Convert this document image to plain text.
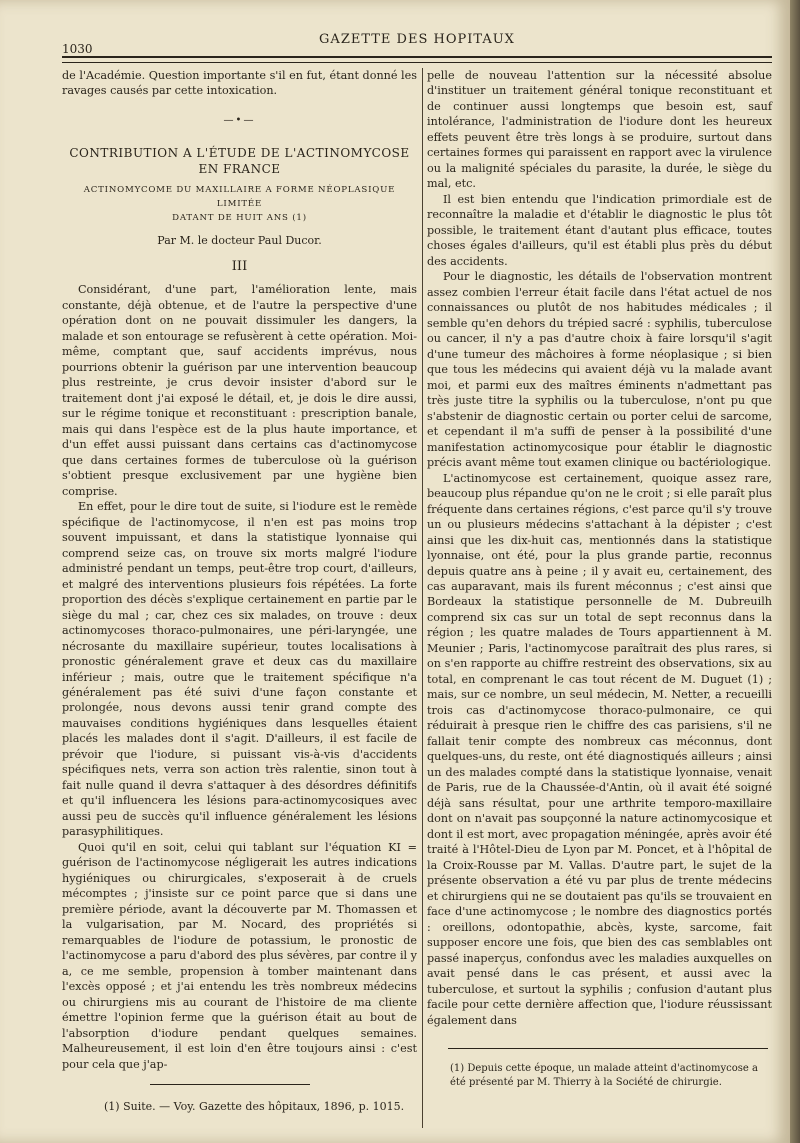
1030
GAZETTE DES HOPITAUX

de l'Académie. Question importante s'il en fut, étant donné les ravages causés par cette intoxication.

—•—
CONTRIBUTION A L'ÉTUDE DE L'ACTINOMYCOSE EN FRANCE
ACTINOMYCOME DU MAXILLAIRE A FORME NÉOPLASIQUE LIMITÉE
DATANT DE HUIT ANS (1)
Par M. le docteur Paul Ducor.
III

Considérant, d'une part, l'amélioration lente, mais constante, déjà obtenue, et de l'autre la perspective d'une opération dont on ne pouvait dissimuler les dangers, la malade et son entourage se refusèrent à cette opération. Moi-même, comptant que, sauf accidents imprévus, nous pourrions obtenir la guérison par une intervention beaucoup plus restreinte, je crus devoir insister d'abord sur le traitement dont j'ai exposé le détail, et, je dois le dire aussi, sur le régime tonique et reconstituant : prescription banale, mais qui dans l'espèce est de la plus haute importance, et d'un effet aussi puissant dans certains cas d'actinomycose que dans certaines formes de tuberculose où la guérison s'obtient presque exclusivement par une hygiène bien comprise.

En effet, pour le dire tout de suite, si l'iodure est le remède spécifique de l'actinomycose, il n'en est pas moins trop souvent impuissant, et dans la statistique lyonnaise qui comprend seize cas, on trouve six morts malgré l'iodure administré pendant un temps, peut-être trop court, d'ailleurs, et malgré des interventions plusieurs fois répétées. La forte proportion des décès s'explique certainement en partie par le siège du mal ; car, chez ces six malades, on trouve : deux actinomycoses thoraco-pulmonaires, une péri-laryngée, une nécrosante du maxillaire supérieur, toutes localisations à pronostic généralement grave et deux cas du maxillaire inférieur ; mais, outre que le traitement spécifique n'a généralement pas été suivi d'une façon constante et prolongée, nous devons aussi tenir grand compte des mauvaises conditions hygiéniques dans lesquelles étaient placés les malades dont il s'agit. D'ailleurs, il est facile de prévoir que l'iodure, si puissant vis-à-vis d'accidents spécifiques nets, verra son action très ralentie, sinon tout à fait nulle quand il devra s'attaquer à des désordres définitifs et qu'il influencera les lésions para-actinomycosiques avec aussi peu de succès qu'il influence généralement les lésions parasyphilitiques.

Quoi qu'il en soit, celui qui tablant sur l'équation KI = guérison de l'actinomycose négligerait les autres indications hygiéniques ou chirurgicales, s'exposerait à de cruels mécomptes ; j'insiste sur ce point parce que si dans une première période, avant la découverte par M. Thomassen et la vulgarisation, par M. Nocard, des propriétés si remarquables de l'iodure de potassium, le pronostic de l'actinomycose a paru d'abord des plus sévères, par contre il y a, ce me semble, propension à tomber maintenant dans l'excès opposé ; et j'ai entendu les très nombreux médecins ou chirurgiens mis au courant de l'histoire de ma cliente émettre l'opinion ferme que la guérison était au bout de l'absorption d'iodure pendant quelques semaines. Malheureusement, il est loin d'en être toujours ainsi : c'est pour cela que j'ap-

pelle de nouveau l'attention sur la nécessité absolue d'instituer un traitement général tonique reconstituant et de continuer aussi longtemps que besoin est, sauf intolérance, l'administration de l'iodure dont les heureux effets peuvent être très longs à se produire, surtout dans certaines formes qui paraissent en rapport avec la virulence ou la malignité spéciales du parasite, la durée, le siège du mal, etc.

Il est bien entendu que l'indication primordiale est de reconnaître la maladie et d'établir le diagnostic le plus tôt possible, le traitement étant d'autant plus efficace, toutes choses égales d'ailleurs, qu'il est établi plus près du début des accidents.

Pour le diagnostic, les détails de l'observation montrent assez combien l'erreur était facile dans l'état actuel de nos connaissances ou plutôt de nos habitudes médicales ; il semble qu'en dehors du trépied sacré : syphilis, tuberculose ou cancer, il n'y a pas d'autre choix à faire lorsqu'il s'agit d'une tumeur des mâchoires à forme néoplasique ; si bien que tous les médecins qui avaient déjà vu la malade avant moi, et parmi eux des maîtres éminents n'admettant pas très juste titre la syphilis ou la tuberculose, n'ont pu que s'abstenir de diagnostic certain ou porter celui de sarcome, et cependant il m'a suffi de penser à la possibilité d'une manifestation actinomycosique pour établir le diagnostic précis avant même tout examen clinique ou bactériologique.

L'actinomycose est certainement, quoique assez rare, beaucoup plus répandue qu'on ne le croit ; si elle paraît plus fréquente dans certaines régions, c'est parce qu'il s'y trouve un ou plusieurs médecins s'attachant à la dépister ; c'est ainsi que les dix-huit cas, mentionnés dans la statistique lyonnaise, ont été, pour la plus grande partie, reconnus depuis quatre ans à peine ; il y avait eu, certainement, des cas auparavant, mais ils furent méconnus ; c'est ainsi que Bordeaux la statistique personnelle de M. Dubreuilh comprend six cas sur un total de sept reconnus dans la région ; les quatre malades de Tours appartiennent à M. Meunier ; Paris, l'actinomycose paraîtrait des plus rares, si on s'en rapporte au chiffre restreint des observations, six au total, en comprenant le cas tout récent de M. Duguet (1) ; mais, sur ce nombre, un seul médecin, M. Netter, a recueilli trois cas d'actinomycose thoraco-pulmonaire, ce qui réduirait à presque rien le chiffre des cas parisiens, s'il ne fallait tenir compte des nombreux cas méconnus, dont quelques-uns, du reste, ont été diagnostiqués ailleurs ; ainsi un des malades compté dans la statistique lyonnaise, venait de Paris, rue de la Chaussée-d'Antin, où il avait été soigné déjà sans résultat, pour une arthrite temporo-maxillaire dont on n'avait pas soupçonné la nature actinomycosique et dont il est mort, avec propagation méningée, après avoir été traité à l'Hôtel-Dieu de Lyon par M. Poncet, et à l'hôpital de la Croix-Rousse par M. Vallas. D'autre part, le sujet de la présente observation a été vu par plus de trente médecins et chirurgiens qui ne se doutaient pas qu'ils se trouvaient en face d'une actinomycose ; le nombre des diagnostics portés : oreillons, odontopathie, abcès, kyste, sarcome, fait supposer encore une fois, que bien des cas semblables ont passé inaperçus, confondus avec les maladies auxquelles on avait pensé dans le cas présent, et aussi avec la tuberculose, et surtout la syphilis ; confusion d'autant plus facile pour cette dernière affection que, l'iodure réussissant également dans

(1) Suite. — Voy. Gazette des hôpitaux, 1896, p. 1015.
(1) Depuis cette époque, un malade atteint d'actinomycose a été présenté par M. Thierry à la Société de chirurgie.
